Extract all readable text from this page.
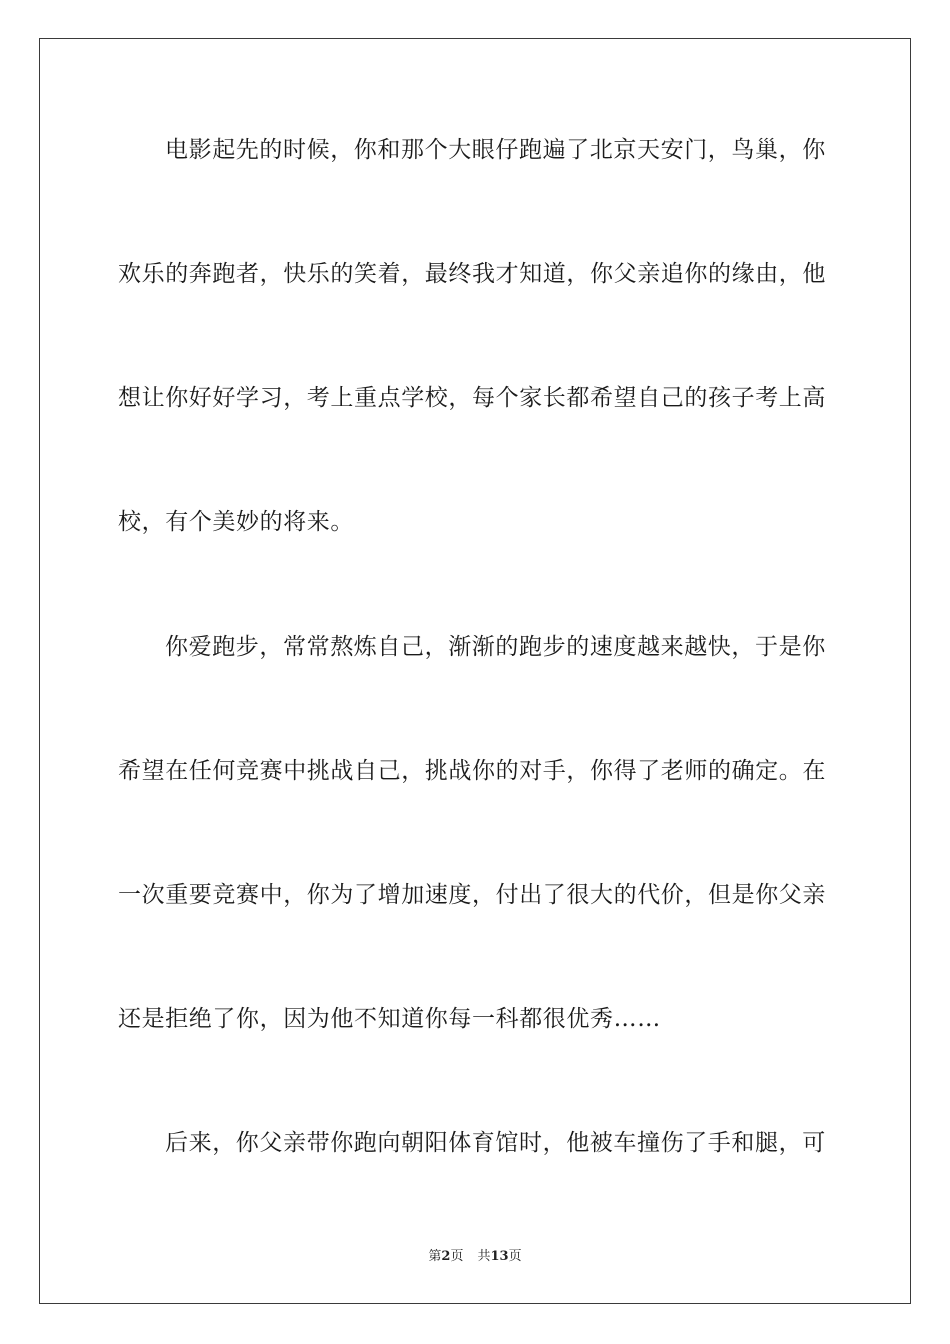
电影起先的时候，你和那个大眼仔跑遍了北京天安门，鸟巢，你
欢乐的奔跑者，快乐的笑着，最终我才知道，你父亲追你的缘由，他
想让你好好学习，考上重点学校，每个家长都希望自己的孩子考上高
校，有个美妙的将来。
你爱跑步，常常熬炼自己，渐渐的跑步的速度越来越快，于是你
希望在任何竞赛中挑战自己，挑战你的对手，你得了老师的确定。在
一次重要竞赛中，你为了增加速度，付出了很大的代价，但是你父亲
还是拒绝了你，因为他不知道你每一科都很优秀……
后来，你父亲带你跑向朝阳体育馆时，他被车撞伤了手和腿，可
第2页 共13页
